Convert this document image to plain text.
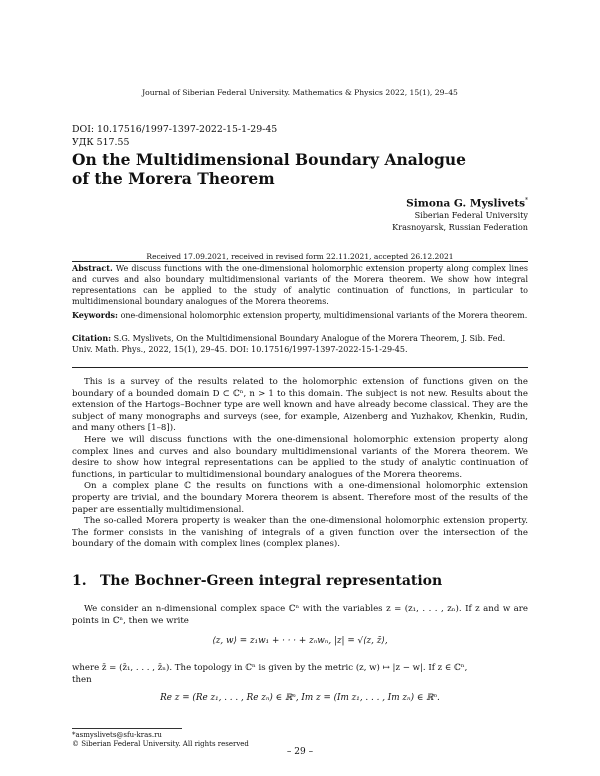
Journal of Siberian Federal University. Mathematics & Physics 2022, 15(1), 29–45
DOI: 10.17516/1997-1397-2022-15-1-29-45
УДК 517.55
On the Multidimensional Boundary Analogue
of the Morera Theorem
Simona G. Myslivets*
Siberian Federal University
Krasnoyarsk, Russian Federation
Received 17.09.2021, received in revised form 22.11.2021, accepted 26.12.2021
Abstract. We discuss functions with the one-dimensional holomorphic extension property along complex lines and curves and also boundary multidimensional variants of the Morera theorem. We show how integral representations can be applied to the study of analytic continuation of functions, in particular to multidimensional boundary analogues of the Morera theorems.
Keywords: one-dimensional holomorphic extension property, multidimensional variants of the Morera theorem.
Citation: S.G. Myslivets, On the Multidimensional Boundary Analogue of the Morera Theorem, J. Sib. Fed. Univ. Math. Phys., 2022, 15(1), 29–45. DOI: 10.17516/1997-1397-2022-15-1-29-45.

This is a survey of the results related to the holomorphic extension of functions given on the boundary of a bounded domain D ⊂ ℂⁿ, n > 1 to this domain. The subject is not new. Results about the extension of the Hartogs–Bochner type are well known and have already become classical. They are the subject of many monographs and surveys (see, for example, Aizenberg and Yuzhakov, Khenkin, Rudin, and many others [1–8]).

Here we will discuss functions with the one-dimensional holomorphic extension property along complex lines and curves and also boundary multidimensional variants of the Morera theorem. We desire to show how integral representations can be applied to the study of analytic continuation of functions, in particular to multidimensional boundary analogues of the Morera theorems.

On a complex plane ℂ the results on functions with a one-dimensional holomorphic extension property are trivial, and the boundary Morera theorem is absent. Therefore most of the results of the paper are essentially multidimensional.

The so-called Morera property is weaker than the one-dimensional holomorphic extension property. The former consists in the vanishing of integrals of a given function over the intersection of the boundary of the domain with complex lines (complex planes).

1. The Bochner-Green integral representation

We consider an n-dimensional complex space ℂⁿ with the variables z = (z₁, . . . , zₙ). If z and w are points in ℂⁿ, then we write

⟨z, w⟩ = z₁w₁ + · · · + zₙwₙ, |z| = √⟨z, z̄⟩,

where z̄ = (z̄₁, . . . , z̄ₙ). The topology in ℂⁿ is given by the metric (z, w) ↦ |z − w|. If z ∈ ℂⁿ,

then

Re z = (Re z₁, . . . , Re zₙ) ∈ ℝⁿ, Im z = (Im z₁, . . . , Im zₙ) ∈ ℝⁿ.
*asmyslivets@sfu-kras.ru
© Siberian Federal University. All rights reserved
– 29 –
